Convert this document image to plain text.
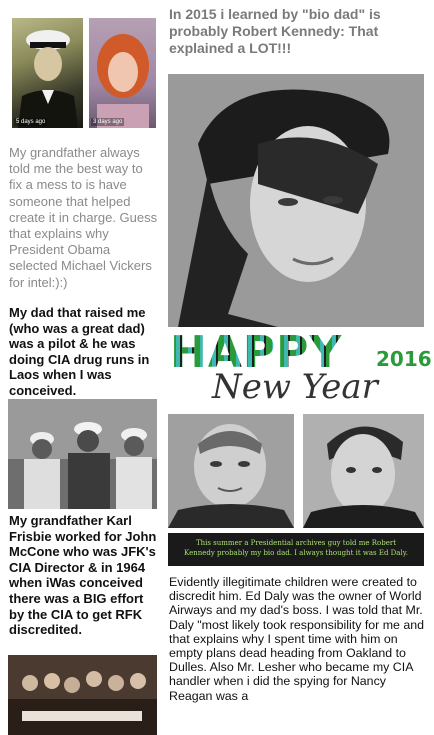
5 days ago	3 days ago
In 2015 i learned by "bio dad" is probably Robert Kennedy: That explained a LOT!!!
My grandfather always told me the best way to fix a mess to is have someone that helped create it in charge. Guess that explains why President Obama selected Michael Vickers for intel:):)
My dad that raised me (who was a great dad) was a pilot & he was doing CIA drug runs in Laos when I was conceived.
My grandfather Karl Frisbie worked for John McCone who was JFK's CIA Director & in 1964 when iWas conceived there was a BIG effort by the CIA to get RFK discredited.
HAPPY 2016
New Year
This summer a Presidential archives guy told me Robert Kennedy probably my bio dad. I always thought it was Ed Daly.
Evidently illegitimate children were created to discredit him. Ed Daly was the owner of World Airways and my dad's boss. I was told that Mr. Daly "most likely took responsibility for me and that explains why I spent time with him on empty plans dead heading from Oakland to Dulles. Also Mr. Lesher who became my CIA handler when i did the spying for Nancy Reagan was a
